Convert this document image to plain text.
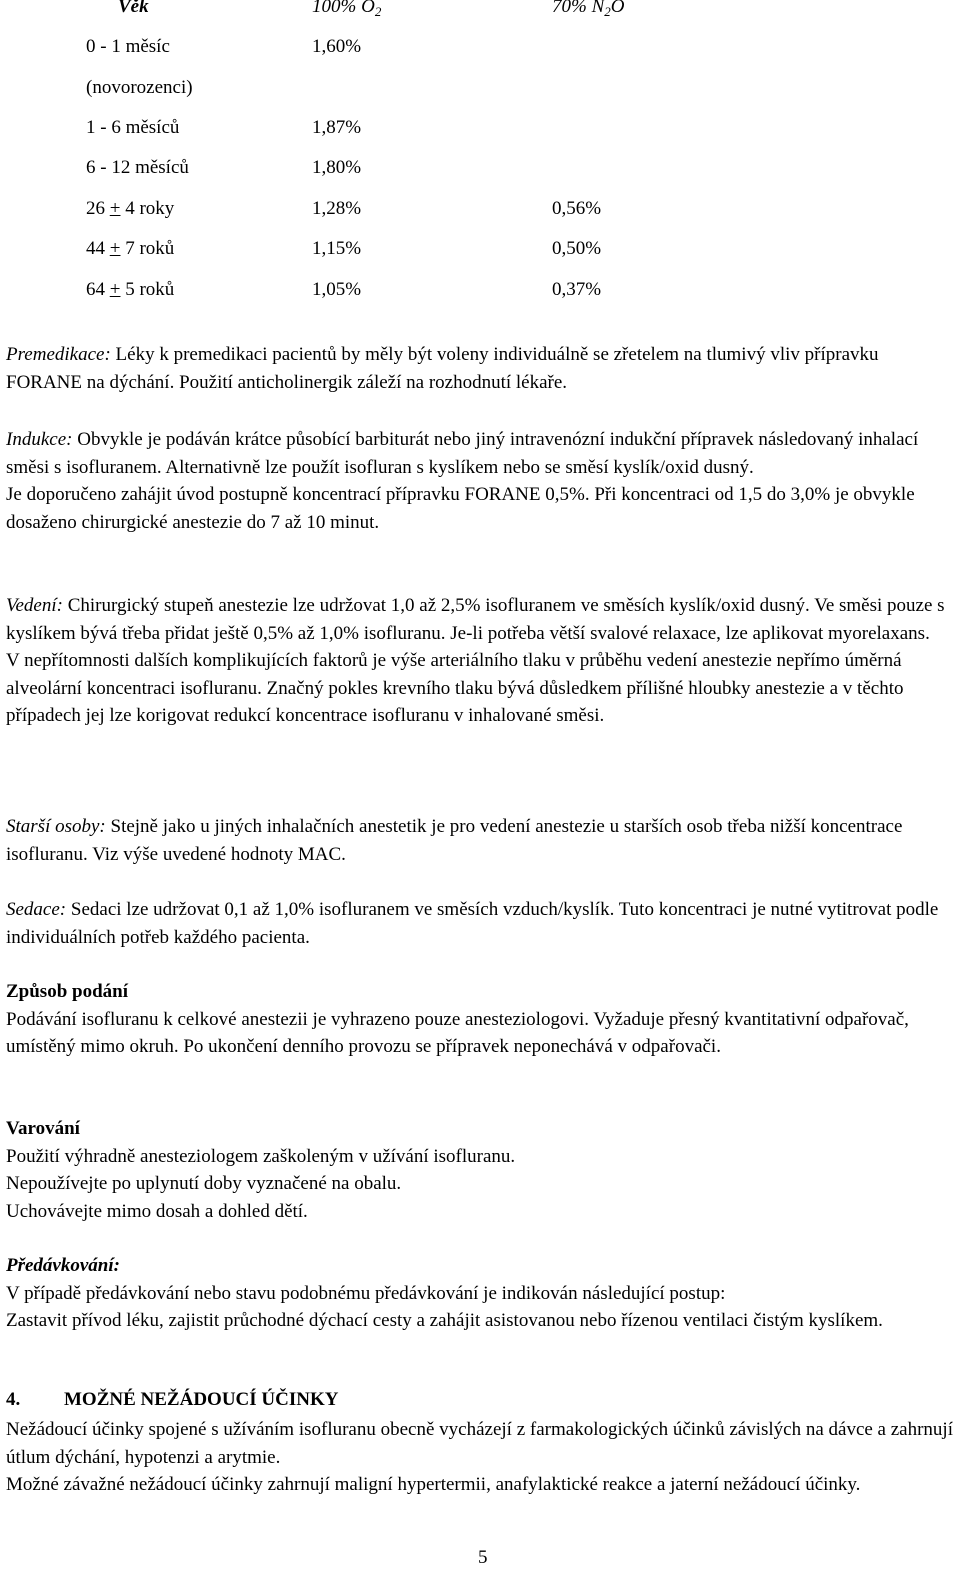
Věk	100% $O_2$	70% $N_2O$
0 - 1 měsíc	1,60%
(novorozenci)
1 - 6 měsíců	1,87%
6 - 12 měsíců	1,80%
26 + 4 roky	1,28%	0,56%
44 + 7 roků	1,15%	0,50%
64 + 5 roků	1,05%	0,37%
Premedikace: Léky k premedikaci pacientů by měly být voleny individuálně se zřetelem na tlumivý vliv přípravku FORANE na dýchání. Použití anticholinergik záleží na rozhodnutí lékaře.
Indukce: Obvykle je podáván krátce působící barbiturát nebo jiný intravenózní indukční přípravek následovaný inhalací směsi s isofluranem. Alternativně lze použít isofluran s kyslíkem nebo se směsí kyslík/oxid dusný.
Je doporučeno zahájit úvod postupně koncentrací přípravku FORANE 0,5%. Při koncentraci od 1,5 do 3,0% je obvykle dosaženo chirurgické anestezie do 7 až 10 minut.
Vedení: Chirurgický stupeň anestezie lze udržovat 1,0 až 2,5% isofluranem ve směsích kyslík/oxid dusný. Ve směsi pouze s kyslíkem bývá třeba přidat ještě 0,5% až 1,0% isofluranu. Je-li potřeba větší svalové relaxace, lze aplikovat myorelaxans.
V nepřítomnosti dalších komplikujících faktorů je výše arteriálního tlaku v průběhu vedení anestezie nepřímo úměrná alveolární koncentraci isofluranu. Značný pokles krevního tlaku bývá důsledkem přílišné hloubky anestezie a v těchto případech jej lze korigovat redukcí koncentrace isofluranu v inhalované směsi.
Starší osoby: Stejně jako u jiných inhalačních anestetik je pro vedení anestezie u starších osob třeba nižší koncentrace isofluranu. Viz výše uvedené hodnoty MAC.
Sedace: Sedaci lze udržovat 0,1 až 1,0% isofluranem ve směsích vzduch/kyslík. Tuto koncentraci je nutné vytitrovat podle individuálních potřeb každého pacienta.
Způsob podání
Podávání isofluranu k celkové anestezii je vyhrazeno pouze anesteziologovi. Vyžaduje přesný kvantitativní odpařovač, umístěný mimo okruh. Po ukončení denního provozu se přípravek neponechává v odpařovači.
Varování
Použití výhradně anesteziologem zaškoleným v užívání isofluranu.
Nepoužívejte po uplynutí doby vyznačené na obalu.
Uchovávejte mimo dosah a dohled dětí.
Předávkování:
V případě předávkování nebo stavu podobnému předávkování je indikován následující postup:
Zastavit přívod léku, zajistit průchodné dýchací cesty a zahájit asistovanou nebo řízenou ventilaci čistým kyslíkem.
4. MOŽNÉ NEŽÁDOUCÍ ÚČINKY
Nežádoucí účinky spojené s užíváním isofluranu obecně vycházejí z farmakologických účinků závislých na dávce a zahrnují útlum dýchání, hypotenzi a arytmie.
Možné závažné nežádoucí účinky zahrnují maligní hypertermii, anafylaktické reakce a jaterní nežádoucí účinky.
5
